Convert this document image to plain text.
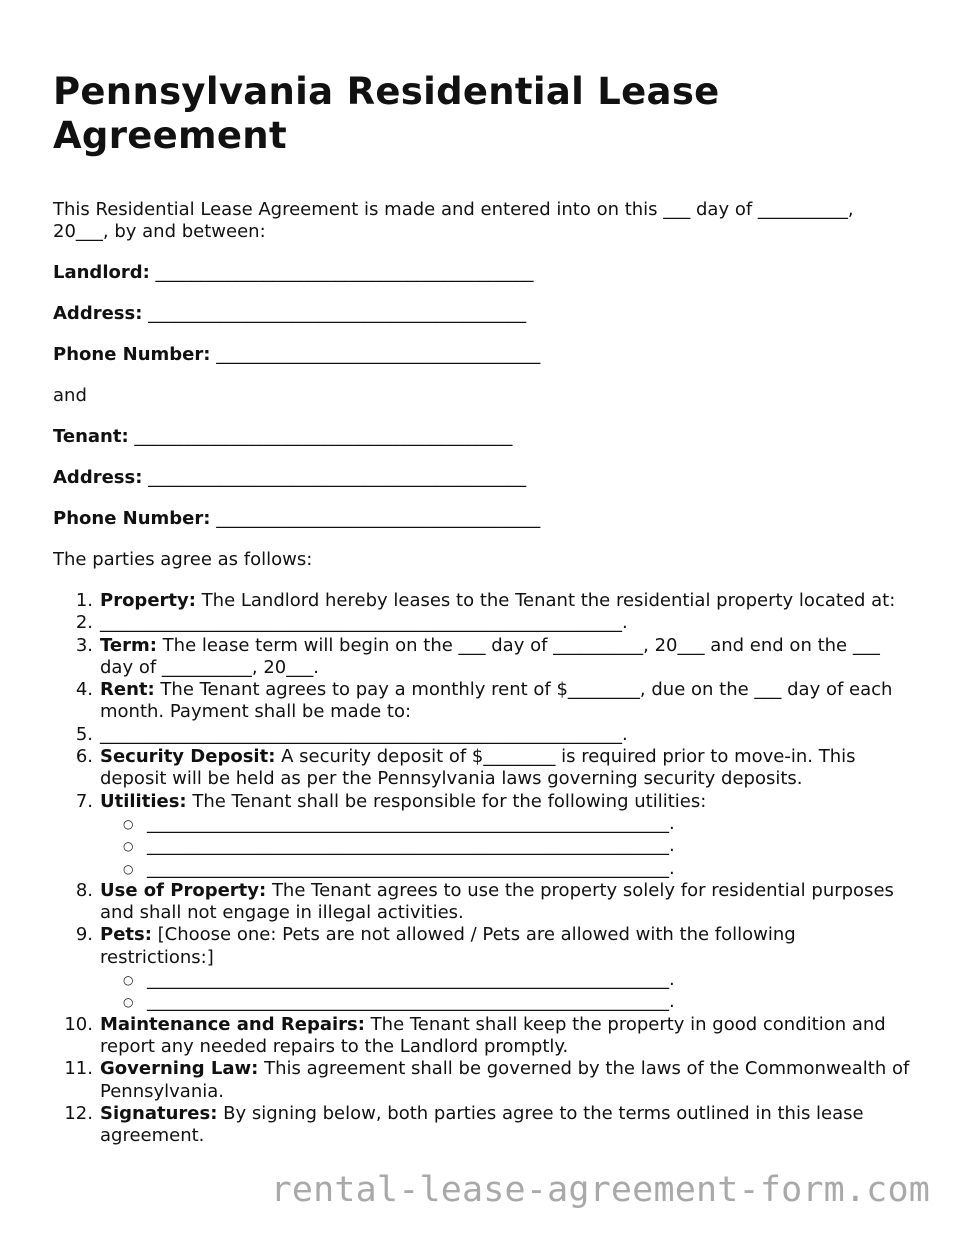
Pennsylvania Residential Lease Agreement

This Residential Lease Agreement is made and entered into on this ___ day of __________, 20___, by and between:

Landlord: __________________________________________

Address: __________________________________________

Phone Number: ____________________________________

and

Tenant: __________________________________________

Address: __________________________________________

Phone Number: ____________________________________

The parties agree as follows:

1. Property: The Landlord hereby leases to the Tenant the residential property located at:
2. __________________________________________________________.
3. Term: The lease term will begin on the ___ day of __________, 20___ and end on the ___ day of __________, 20___.
4. Rent: The Tenant agrees to pay a monthly rent of $________, due on the ___ day of each month. Payment shall be made to:
5. __________________________________________________________.
6. Security Deposit: A security deposit of $________ is required prior to move-in. This deposit will be held as per the Pennsylvania laws governing security deposits.
7. Utilities: The Tenant shall be responsible for the following utilities:
○ __________________________________________________________.
○ __________________________________________________________.
○ __________________________________________________________.
8. Use of Property: The Tenant agrees to use the property solely for residential purposes and shall not engage in illegal activities.
9. Pets: [Choose one: Pets are not allowed / Pets are allowed with the following restrictions:]
○ __________________________________________________________.
○ __________________________________________________________.
10. Maintenance and Repairs: The Tenant shall keep the property in good condition and report any needed repairs to the Landlord promptly.
11. Governing Law: This agreement shall be governed by the laws of the Commonwealth of Pennsylvania.
12. Signatures: By signing below, both parties agree to the terms outlined in this lease agreement.
rental-lease-agreement-form.com
